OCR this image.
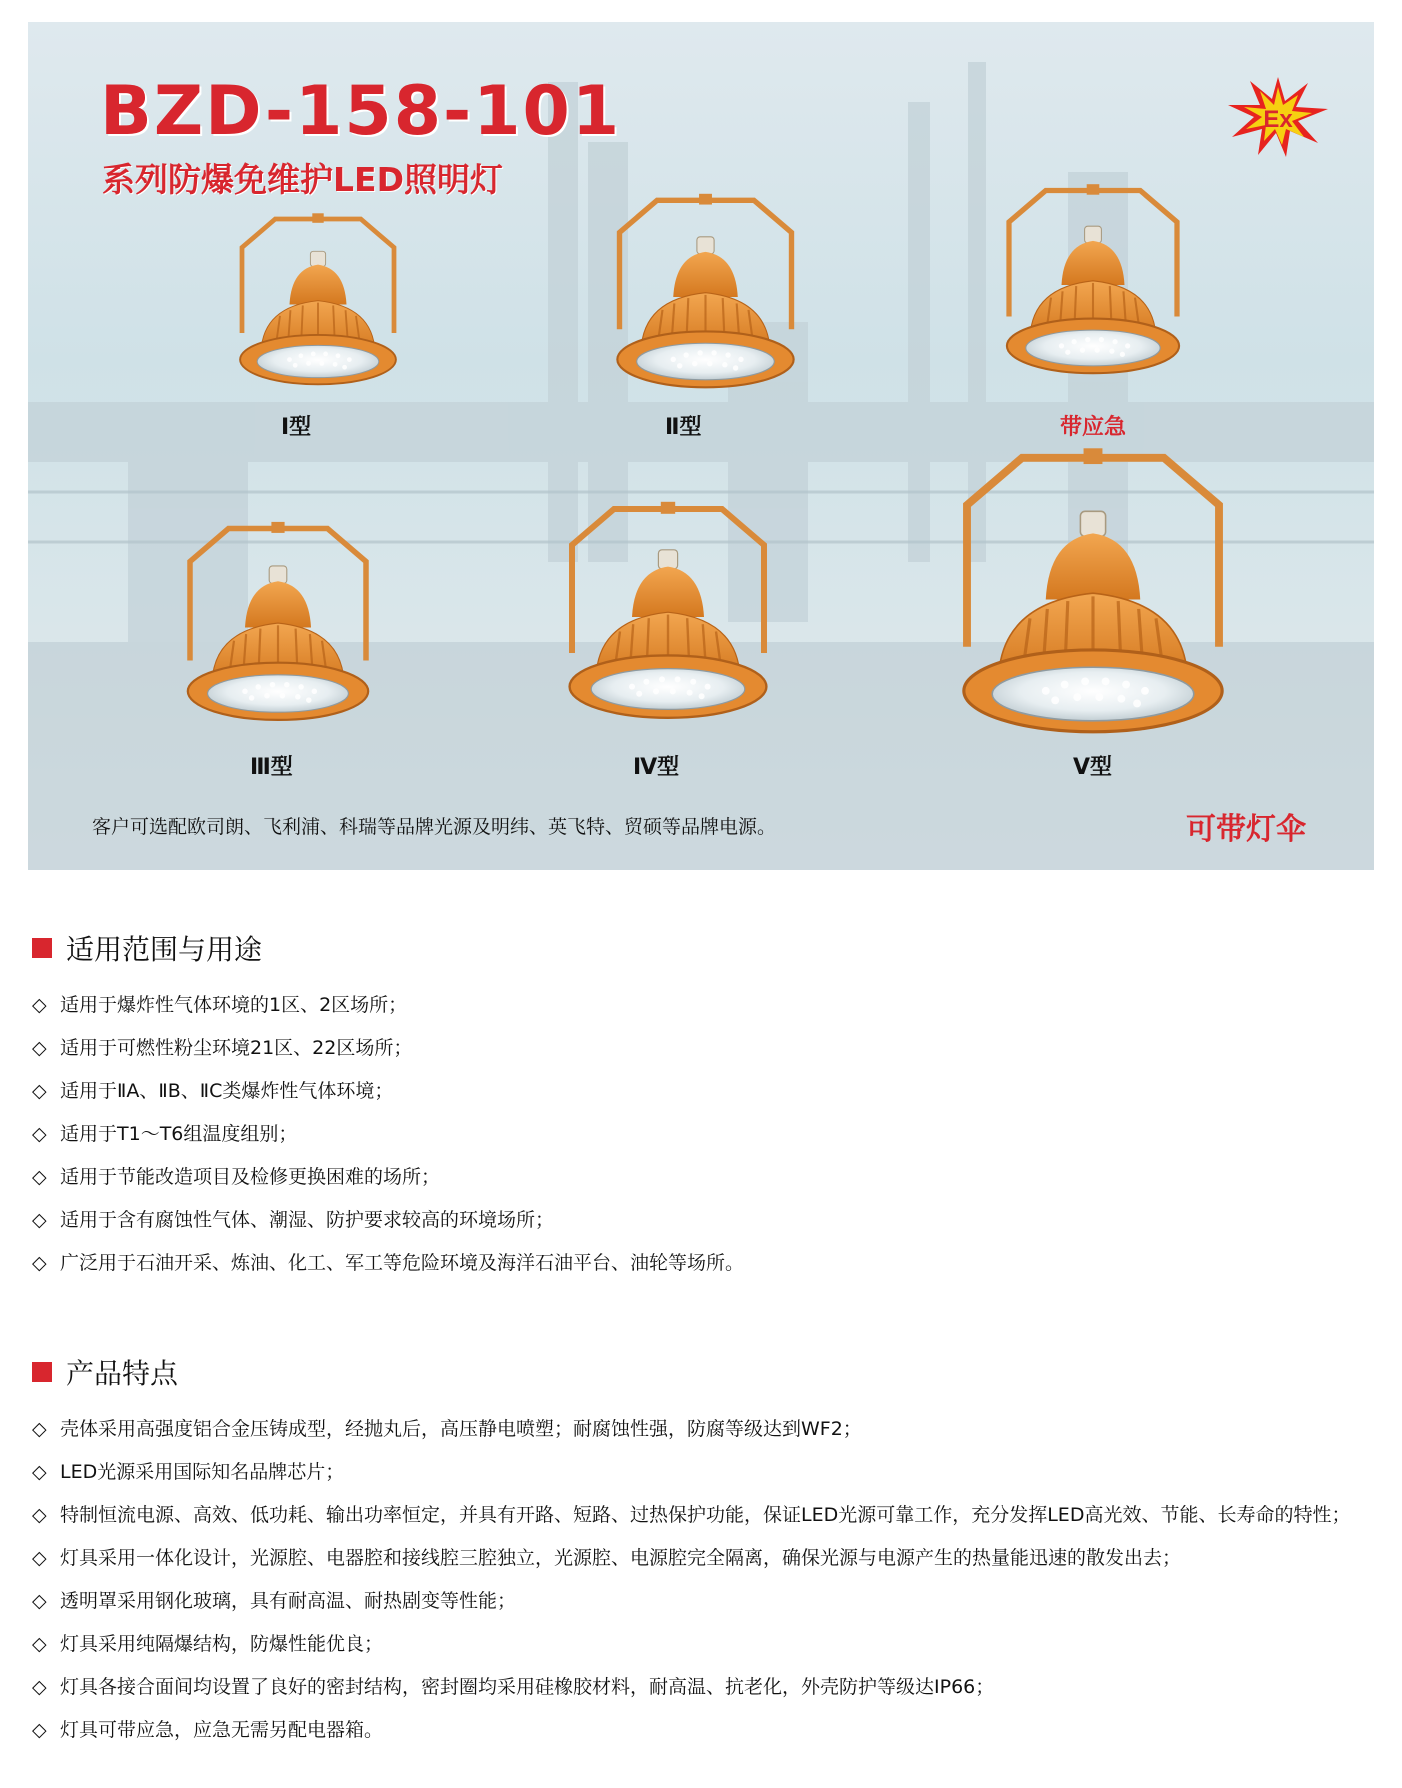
BZD-158-101
系列防爆免维护LED照明灯
Ex
Ⅰ型	Ⅱ型	带应急
Ⅲ型	Ⅳ型	Ⅴ型
客户可选配欧司朗、飞利浦、科瑞等品牌光源及明纬、英飞特、贸硕等品牌电源。	可带灯伞
适用范围与用途
◇ 适用于爆炸性气体环境的1区、2区场所；
◇ 适用于可燃性粉尘环境21区、22区场所；
◇ 适用于ⅡA、ⅡB、ⅡC类爆炸性气体环境；
◇ 适用于T1～T6组温度组别；
◇ 适用于节能改造项目及检修更换困难的场所；
◇ 适用于含有腐蚀性气体、潮湿、防护要求较高的环境场所；
◇ 广泛用于石油开采、炼油、化工、军工等危险环境及海洋石油平台、油轮等场所。
产品特点
◇ 壳体采用高强度铝合金压铸成型，经抛丸后，高压静电喷塑；耐腐蚀性强，防腐等级达到WF2；
◇ LED光源采用国际知名品牌芯片；
◇ 特制恒流电源、高效、低功耗、输出功率恒定，并具有开路、短路、过热保护功能，保证LED光源可靠工作，充分发挥LED高光效、节能、长寿命的特性；
◇ 灯具采用一体化设计，光源腔、电器腔和接线腔三腔独立，光源腔、电源腔完全隔离，确保光源与电源产生的热量能迅速的散发出去；
◇ 透明罩采用钢化玻璃，具有耐高温、耐热剧变等性能；
◇ 灯具采用纯隔爆结构，防爆性能优良；
◇ 灯具各接合面间均设置了良好的密封结构，密封圈均采用硅橡胶材料，耐高温、抗老化，外壳防护等级达IP66；
◇ 灯具可带应急，应急无需另配电器箱。
